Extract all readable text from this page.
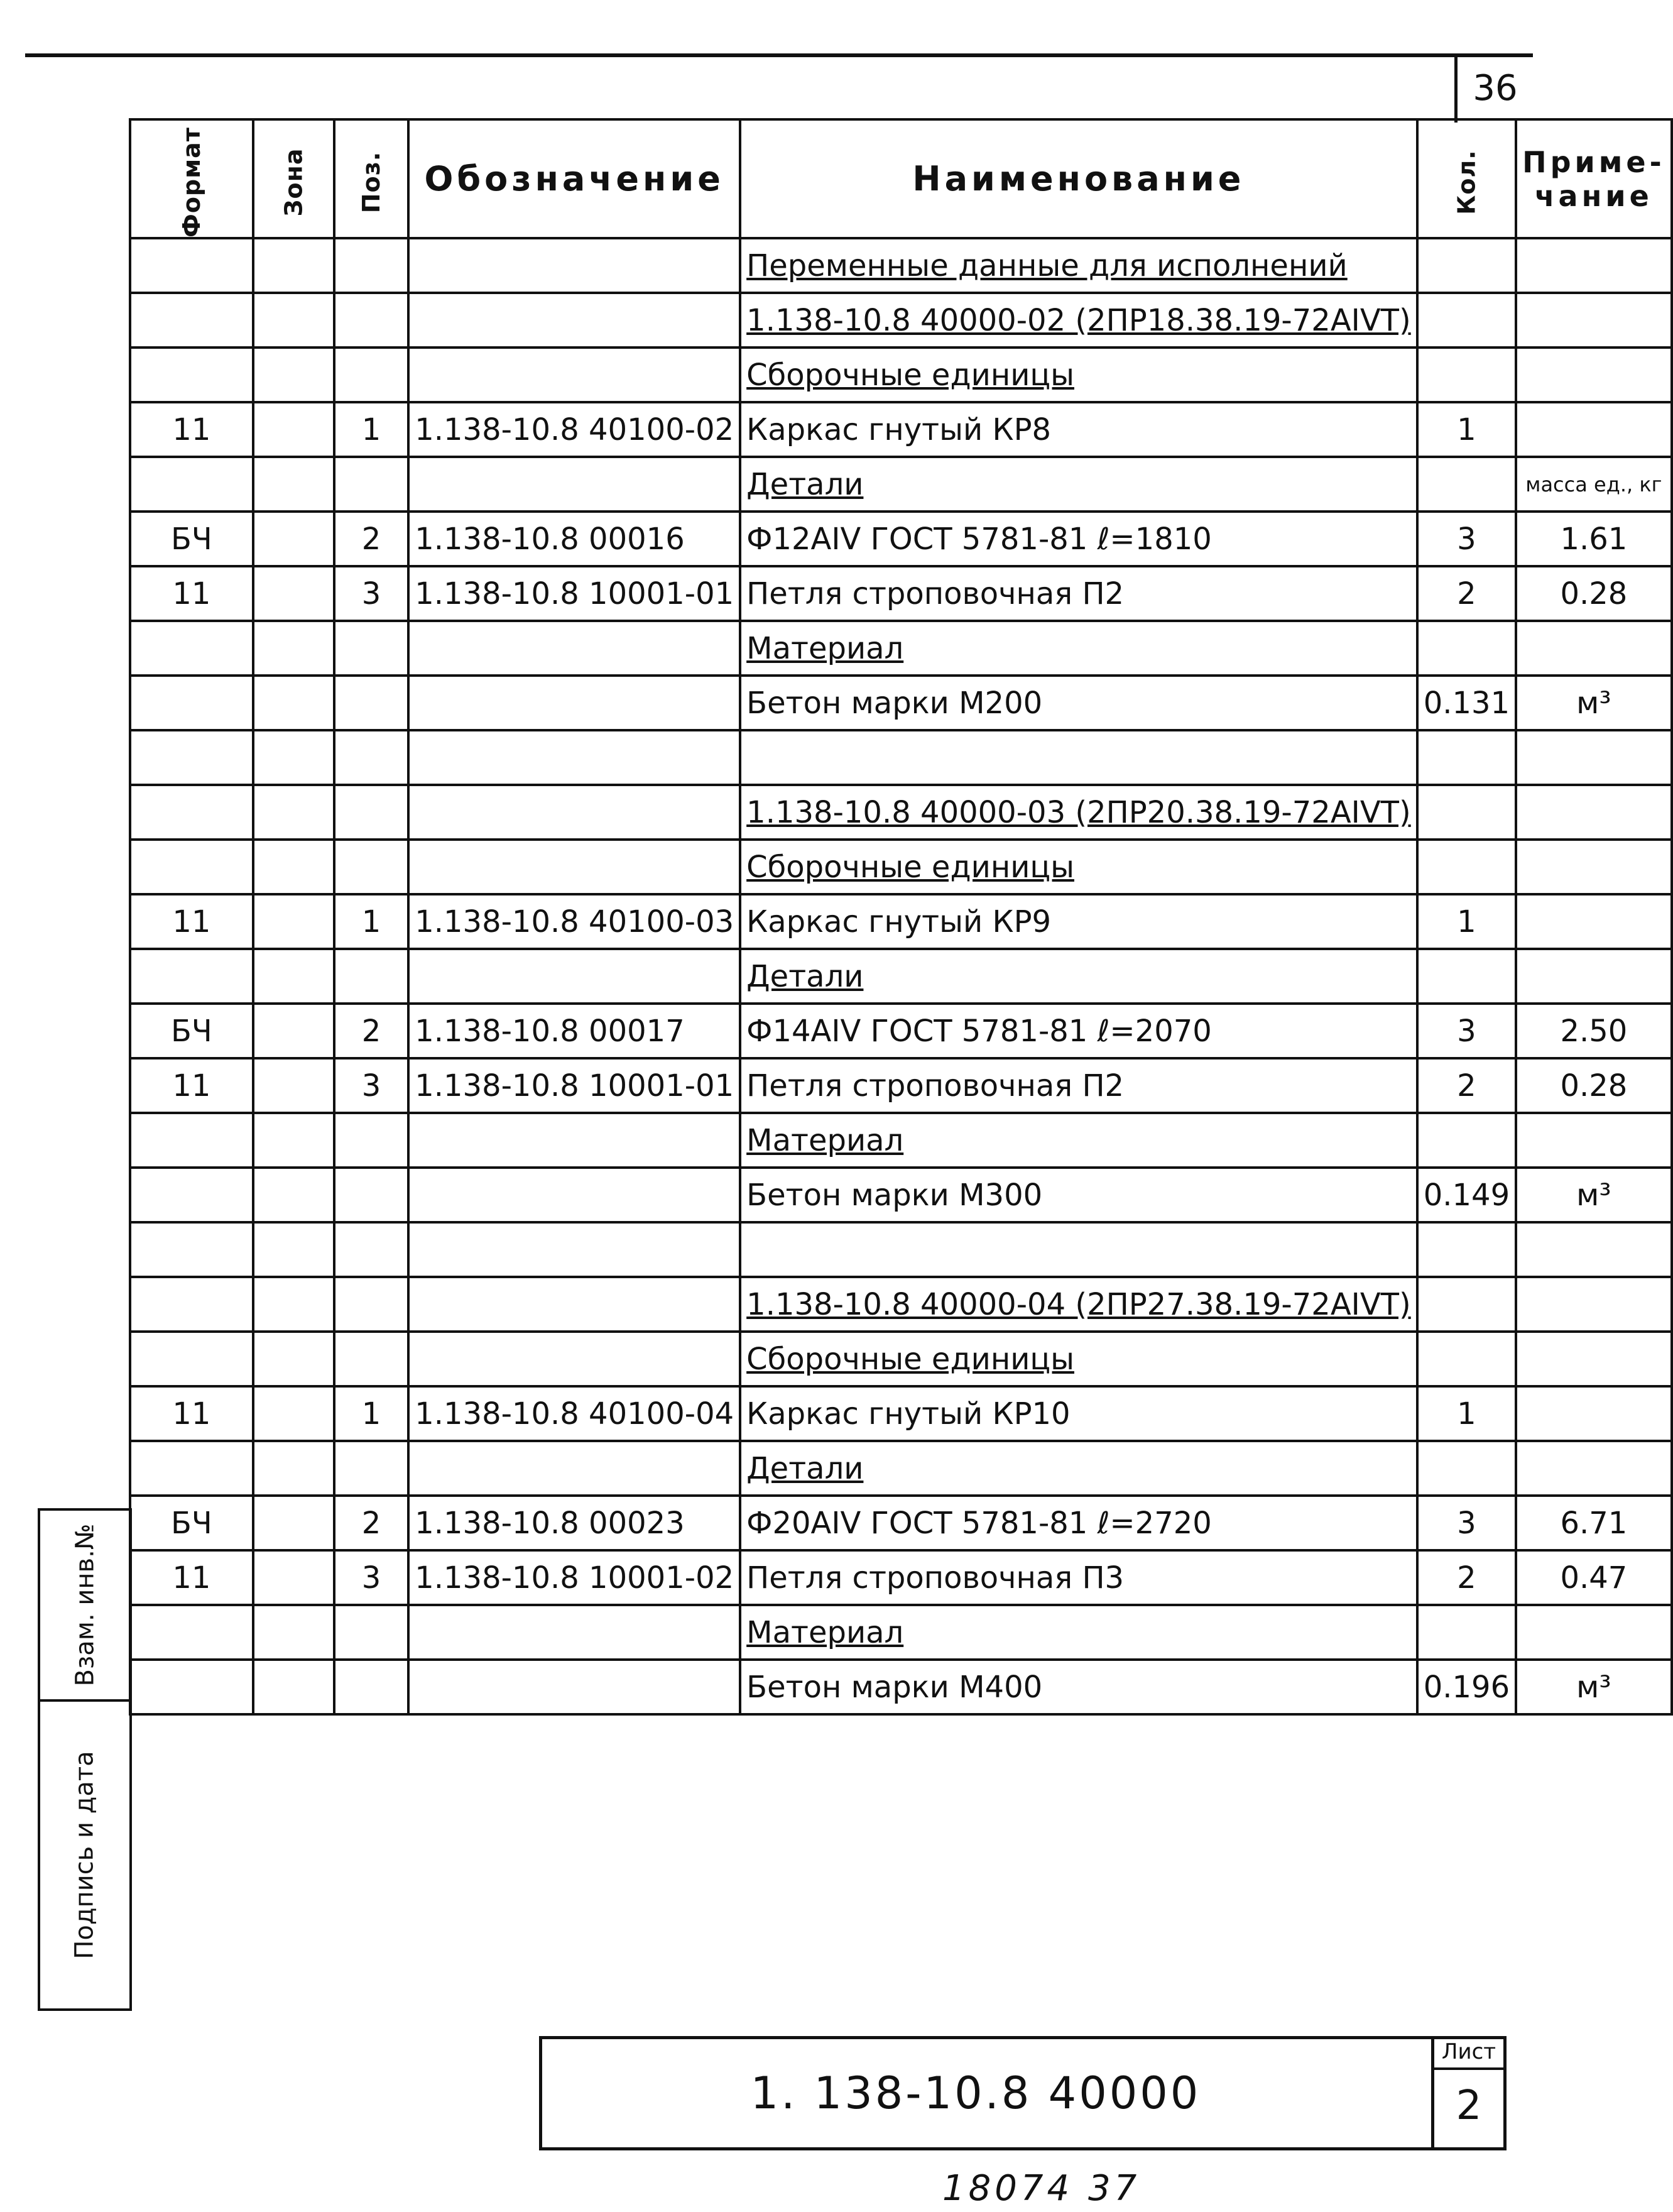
36
Формат	Зона	Поз.	Обозначение	Наименование	Кол.	Приме-
чание
				Переменные данные для исполнений		
				1.138-10.8 40000-02 (2ПР18.38.19-72AIVT)		
				Сборочные единицы		
11		1	1.138-10.8 40100-02	Каркас гнутый КР8	1	
				Детали		масса ед., кг
БЧ		2	1.138-10.8 00016	Ф12AIV ГОСТ 5781-81 ℓ=1810	3	1.61
11		3	1.138-10.8 10001-01	Петля строповочная П2	2	0.28
				Материал		
				Бетон марки М200	0.131	м³

				1.138-10.8 40000-03 (2ПР20.38.19-72AIVT)		
				Сборочные единицы		
11		1	1.138-10.8 40100-03	Каркас гнутый КР9	1	
				Детали		
БЧ		2	1.138-10.8 00017	Ф14AIV ГОСТ 5781-81 ℓ=2070	3	2.50
11		3	1.138-10.8 10001-01	Петля строповочная П2	2	0.28
				Материал		
				Бетон марки М300	0.149	м³

				1.138-10.8 40000-04 (2ПР27.38.19-72AIVT)		
				Сборочные единицы		
11		1	1.138-10.8 40100-04	Каркас гнутый КР10	1	
				Детали		
БЧ		2	1.138-10.8 00023	Ф20AIV ГОСТ 5781-81 ℓ=2720	3	6.71
11		3	1.138-10.8 10001-02	Петля строповочная П3	2	0.47
				Материал		
				Бетон марки М400	0.196	м³
Взам. инв.№
Подпись и дата
1. 138-10.8 40000
Лист
2
18074 37
